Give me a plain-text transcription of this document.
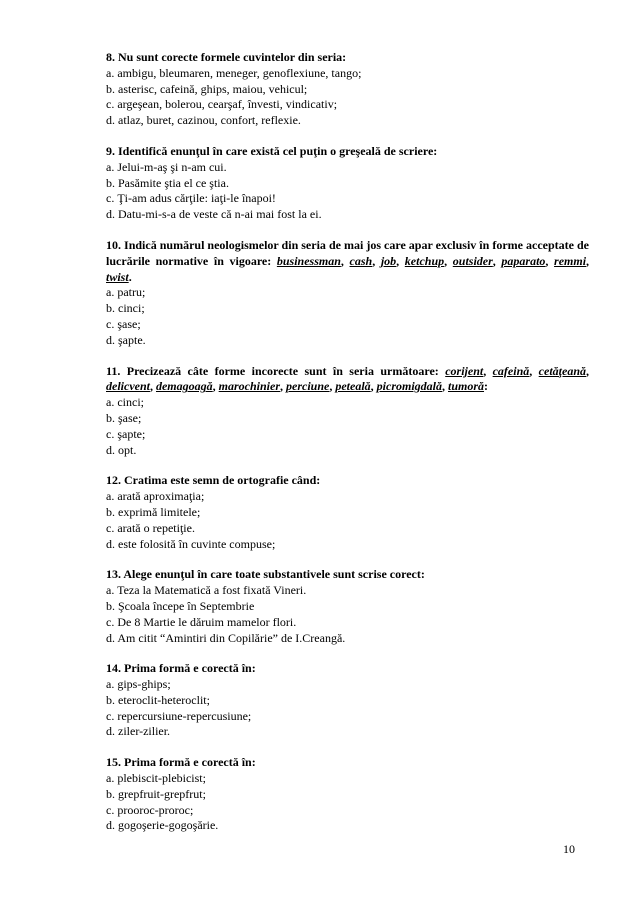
8. Nu sunt corecte formele cuvintelor din seria:

a. ambigu, bleumaren, meneger, genoflexiune, tango;

b. asterisc, cafeină, ghips, maiou, vehicul;

c. argeşean, bolerou, cearşaf, învesti, vindicativ;

d. atlaz, buret, cazinou, confort, reflexie.

9. Identifică enunţul în care există cel puţin o greşeală de scriere:

a. Jelui-m-aş şi n-am cui.

b. Pasămite ştia el ce ştia.

c. Ţi-am adus cărţile: iaţi-le înapoi!

d. Datu-mi-s-a de veste că n-ai mai fost la ei.

10. Indică numărul neologismelor din seria de mai jos care apar exclusiv în forme acceptate de lucrările normative în vigoare: businessman, cash, job, ketchup, outsider, paparato, remmi, twist.

a. patru;

b. cinci;

c. şase;

d. şapte.

11. Precizează câte forme incorecte sunt în seria următoare: corijent, cafeină, cetăţeană, delicvent, demagoagă, marochinier, perciune, peteală, picromigdală, tumoră:

a. cinci;

b. şase;

c. şapte;

d. opt.

12. Cratima este semn de ortografie când:

a. arată aproximaţia;

b. exprimă limitele;

c. arată o repetiţie.

d. este folosită în cuvinte compuse;

13. Alege enunţul în care toate substantivele sunt scrise corect:

a. Teza la Matematică a fost fixată Vineri.

b. Şcoala începe în Septembrie

c. De 8 Martie le dăruim mamelor flori.

d. Am citit “Amintiri din Copilărie” de I.Creangă.

14. Prima formă e corectă în:

a. gips-ghips;

b. eteroclit-heteroclit;

c. repercursiune-repercusiune;

d. ziler-zilier.

15. Prima formă e corectă în:

a. plebiscit-plebicist;

b. grepfruit-grepfrut;

c. prooroc-proroc;

d. gogoşerie-gogoşărie.

10
